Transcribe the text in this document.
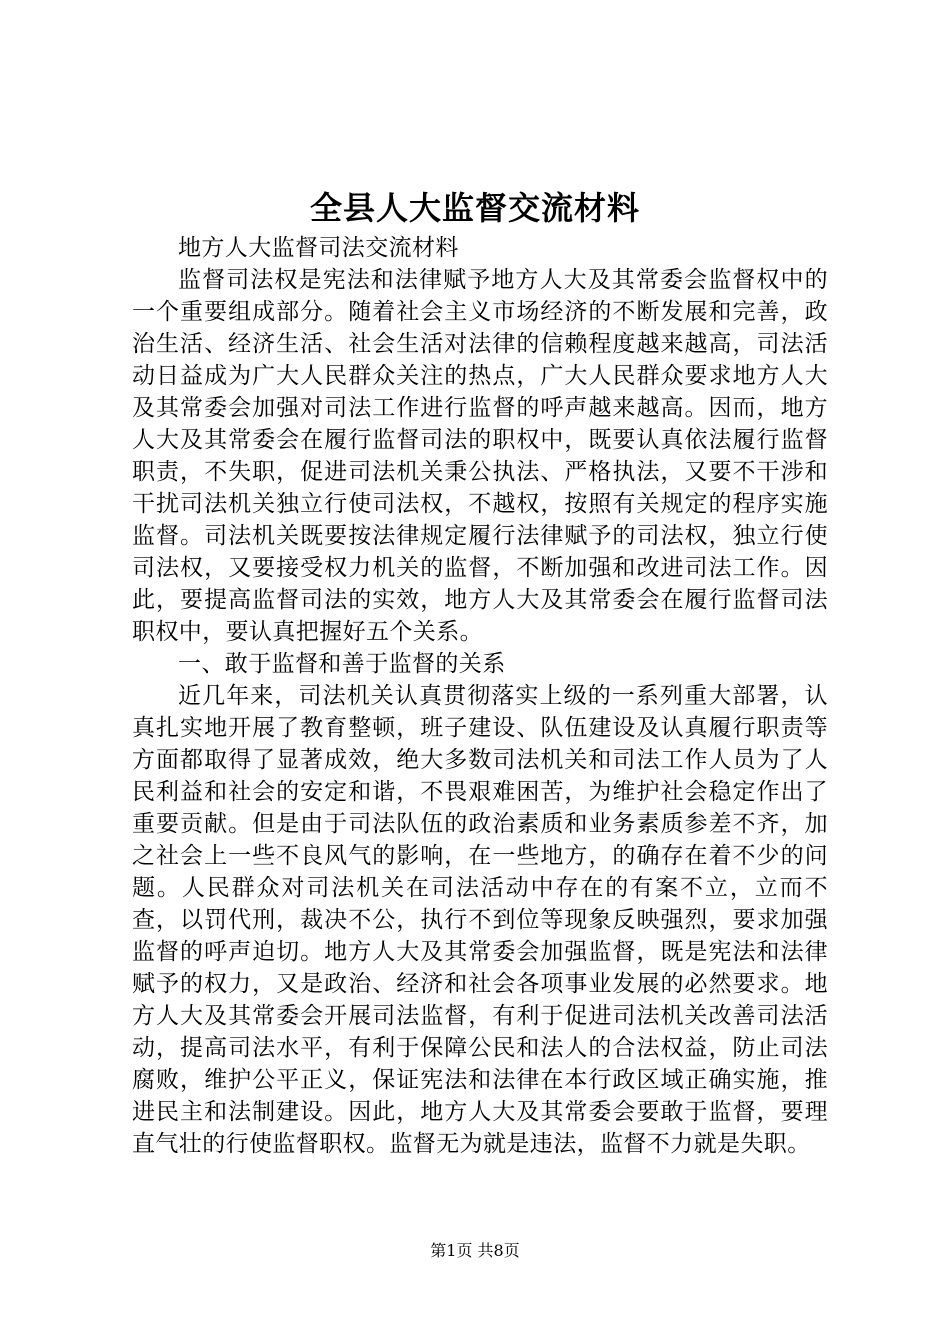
全县人大监督交流材料

地方人大监督司法交流材料

监督司法权是宪法和法律赋予地方人大及其常委会监督权中的一个重要组成部分。随着社会主义市场经济的不断发展和完善，政治生活、经济生活、社会生活对法律的信赖程度越来越高，司法活动日益成为广大人民群众关注的热点，广大人民群众要求地方人大及其常委会加强对司法工作进行监督的呼声越来越高。因而，地方人大及其常委会在履行监督司法的职权中，既要认真依法履行监督职责，不失职，促进司法机关秉公执法、严格执法，又要不干涉和干扰司法机关独立行使司法权，不越权，按照有关规定的程序实施监督。司法机关既要按法律规定履行法律赋予的司法权，独立行使司法权，又要接受权力机关的监督，不断加强和改进司法工作。因此，要提高监督司法的实效，地方人大及其常委会在履行监督司法职权中，要认真把握好五个关系。

一、敢于监督和善于监督的关系

近几年来，司法机关认真贯彻落实上级的一系列重大部署，认真扎实地开展了教育整顿，班子建设、队伍建设及认真履行职责等方面都取得了显著成效，绝大多数司法机关和司法工作人员为了人民利益和社会的安定和谐，不畏艰难困苦，为维护社会稳定作出了重要贡献。但是由于司法队伍的政治素质和业务素质参差不齐，加之社会上一些不良风气的影响，在一些地方，的确存在着不少的问题。人民群众对司法机关在司法活动中存在的有案不立，立而不查，以罚代刑，裁决不公，执行不到位等现象反映强烈，要求加强监督的呼声迫切。地方人大及其常委会加强监督，既是宪法和法律赋予的权力，又是政治、经济和社会各项事业发展的必然要求。地方人大及其常委会开展司法监督，有利于促进司法机关改善司法活动，提高司法水平，有利于保障公民和法人的合法权益，防止司法腐败，维护公平正义，保证宪法和法律在本行政区域正确实施，推进民主和法制建设。因此，地方人大及其常委会要敢于监督，要理直气壮的行使监督职权。监督无为就是违法，监督不力就是失职。

第1页 共8页
